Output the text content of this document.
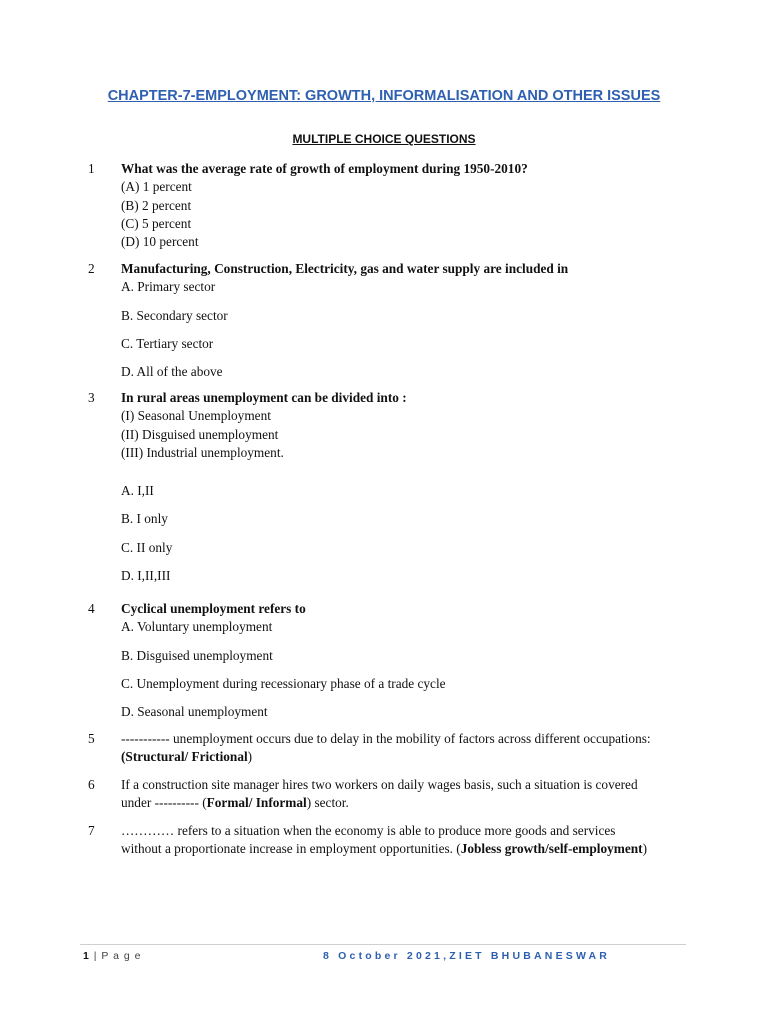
CHAPTER-7-EMPLOYMENT: GROWTH, INFORMALISATION AND OTHER ISSUES
MULTIPLE CHOICE QUESTIONS
1 What was the average rate of growth of employment during 1950-2010?
(A) 1 percent
(B) 2 percent
(C) 5 percent
(D) 10 percent
2 Manufacturing, Construction, Electricity, gas and water supply are included in
A. Primary sector
B. Secondary sector
C. Tertiary sector
D. All of the above
3 In rural areas unemployment can be divided into :
(I) Seasonal Unemployment
(II) Disguised unemployment
(III) Industrial unemployment.
A. I,II
B. I only
C. II only
D. I,II,III
4 Cyclical unemployment refers to
A. Voluntary unemployment
B. Disguised unemployment
C. Unemployment during recessionary phase of a trade cycle
D. Seasonal unemployment
5 ----------- unemployment occurs due to delay in the mobility of factors across different occupations:
(Structural/ Frictional)
6 If a construction site manager hires two workers on daily wages basis, such a situation is covered
under ---------- (Formal/ Informal) sector.
7 ………… refers to a situation when the economy is able to produce more goods and services
without a proportionate increase in employment opportunities. (Jobless growth/self-employment)
1 | P a g e	8 October 2021,ZIET BHUBANESWAR
